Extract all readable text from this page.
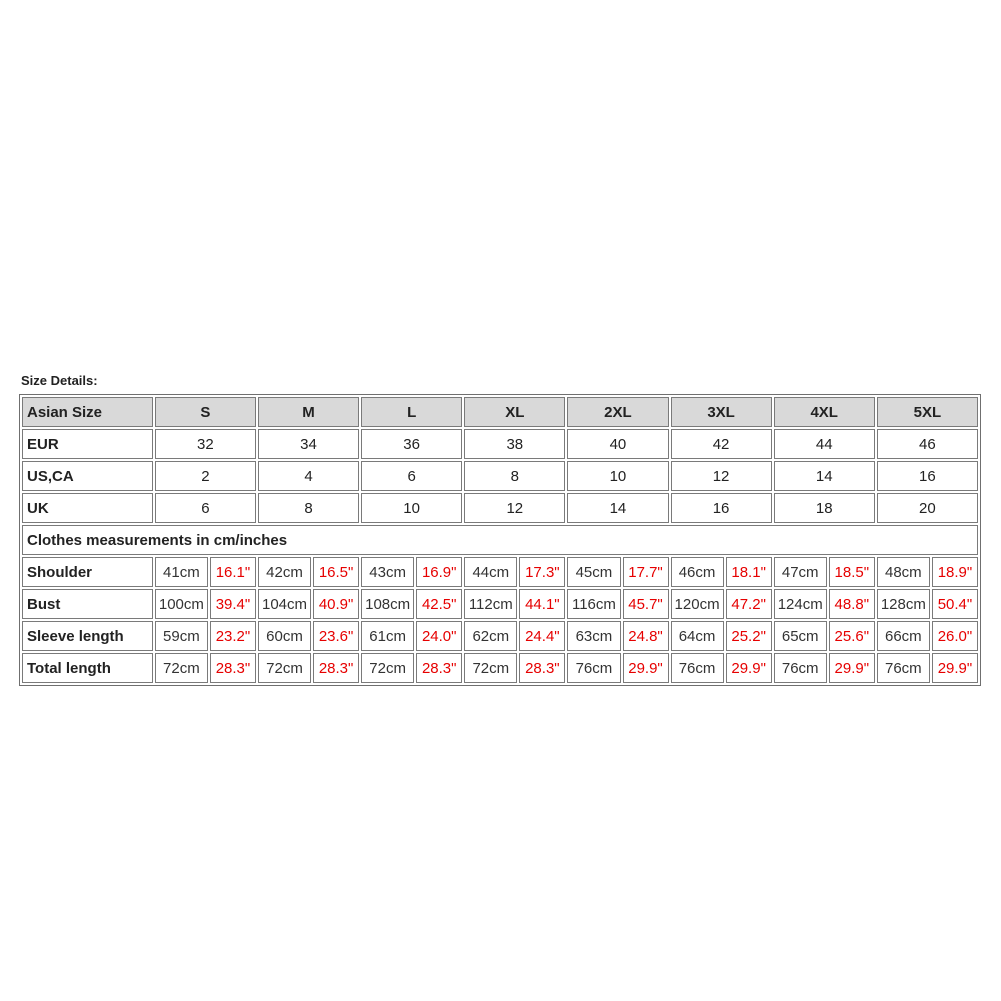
Size Details:
Asian Size	S		M		L		XL		2XL		3XL		4XL		5XL	
EUR	32		34		36		38		40		42		44		46	
US,CA	2		4		6		8		10		12		14		16	
UK	6		8		10		12		14		16		18		20	
Clothes measurements in cm/inches																
Shoulder	41cm	16.1"	42cm	16.5"	43cm	16.9"	44cm	17.3"	45cm	17.7"	46cm	18.1"	47cm	18.5"	48cm	18.9"
Bust	100cm	39.4"	104cm	40.9"	108cm	42.5"	112cm	44.1"	116cm	45.7"	120cm	47.2"	124cm	48.8"	128cm	50.4"
Sleeve length	59cm	23.2"	60cm	23.6"	61cm	24.0"	62cm	24.4"	63cm	24.8"	64cm	25.2"	65cm	25.6"	66cm	26.0"
Total length	72cm	28.3"	72cm	28.3"	72cm	28.3"	72cm	28.3"	76cm	29.9"	76cm	29.9"	76cm	29.9"	76cm	29.9"
